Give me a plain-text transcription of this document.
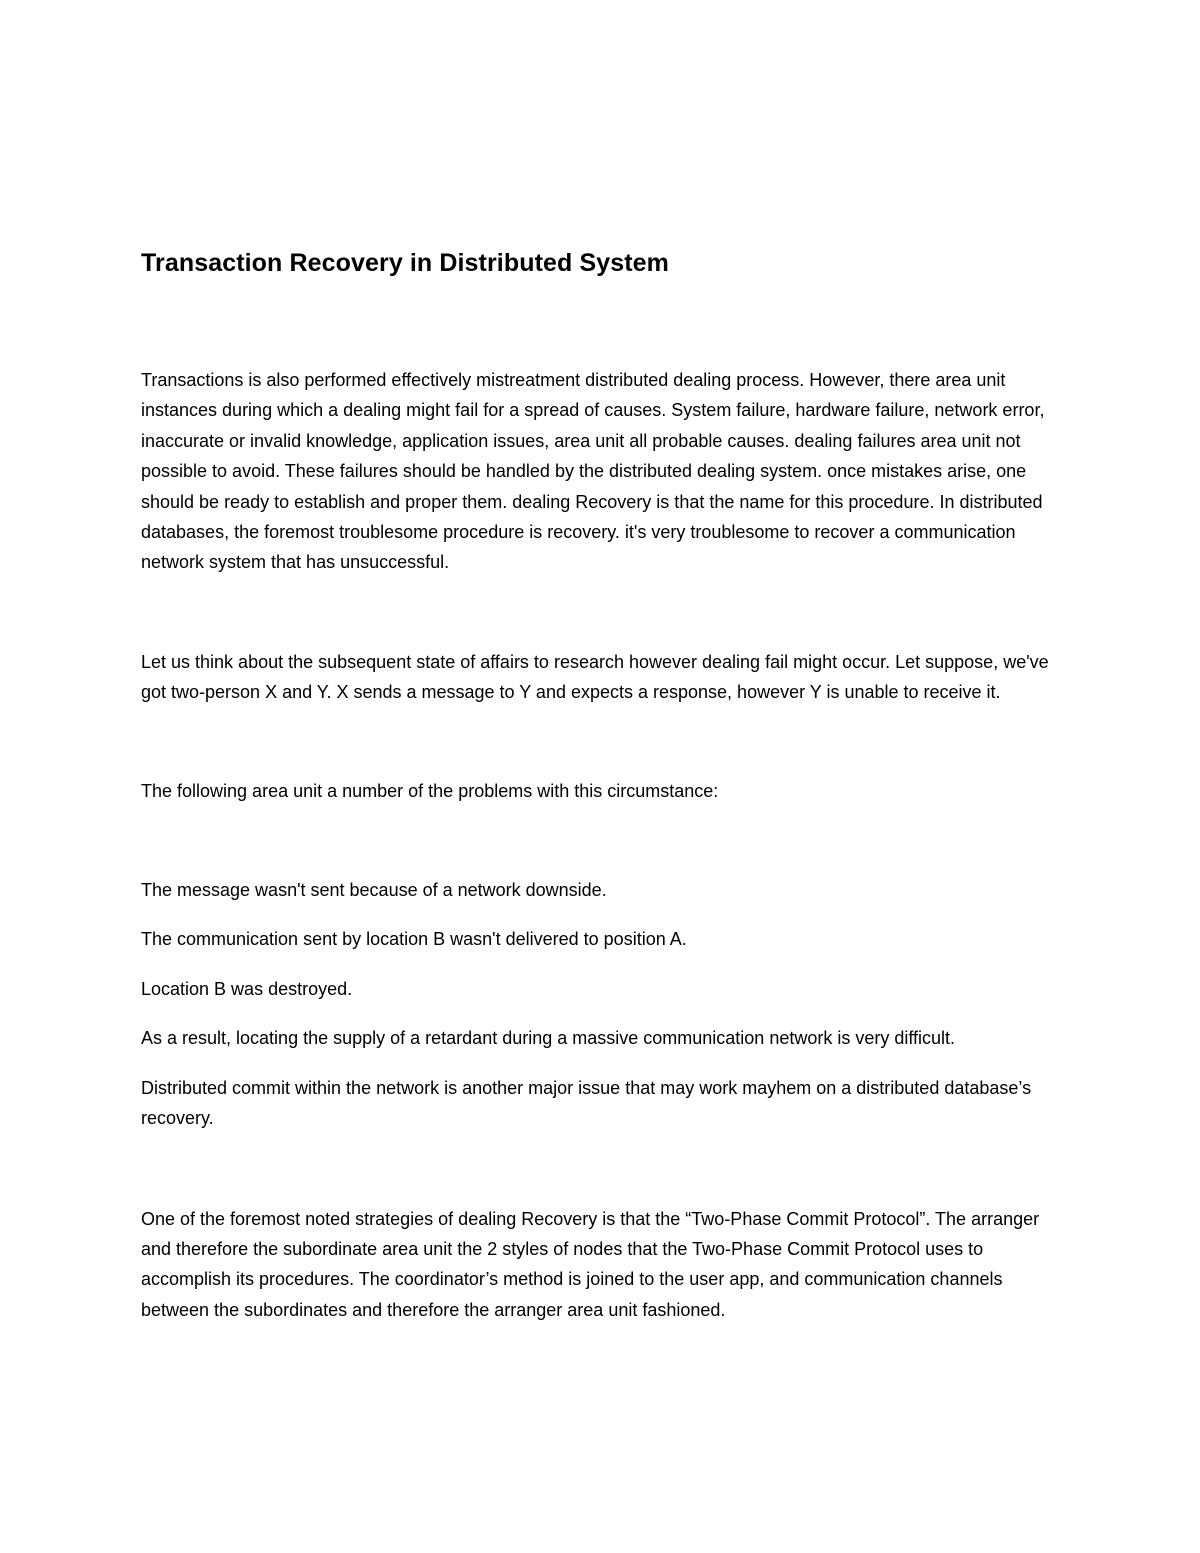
Transaction Recovery in Distributed System

Transactions is also performed effectively mistreatment distributed dealing process. However, there area unit instances during which a dealing might fail for a spread of causes. System failure, hardware failure, network error, inaccurate or invalid knowledge, application issues, area unit all probable causes. dealing failures area unit not possible to avoid. These failures should be handled by the distributed dealing system. once mistakes arise, one should be ready to establish and proper them. dealing Recovery is that the name for this procedure. In distributed databases, the foremost troublesome procedure is recovery. it's very troublesome to recover a communication network system that has unsuccessful.

Let us think about the subsequent state of affairs to research however dealing fail might occur. Let suppose, we've got two-person X and Y. X sends a message to Y and expects a response, however Y is unable to receive it.

The following area unit a number of the problems with this circumstance:

The message wasn't sent because of a network downside.

The communication sent by location B wasn't delivered to position A.

Location B was destroyed.

As a result, locating the supply of a retardant during a massive communication network is very difficult.

Distributed commit within the network is another major issue that may work mayhem on a distributed database’s recovery.

One of the foremost noted strategies of dealing Recovery is that the “Two-Phase Commit Protocol”. The arranger and therefore the subordinate area unit the 2 styles of nodes that the Two-Phase Commit Protocol uses to accomplish its procedures. The coordinator’s method is joined to the user app, and communication channels between the subordinates and therefore the arranger area unit fashioned.
